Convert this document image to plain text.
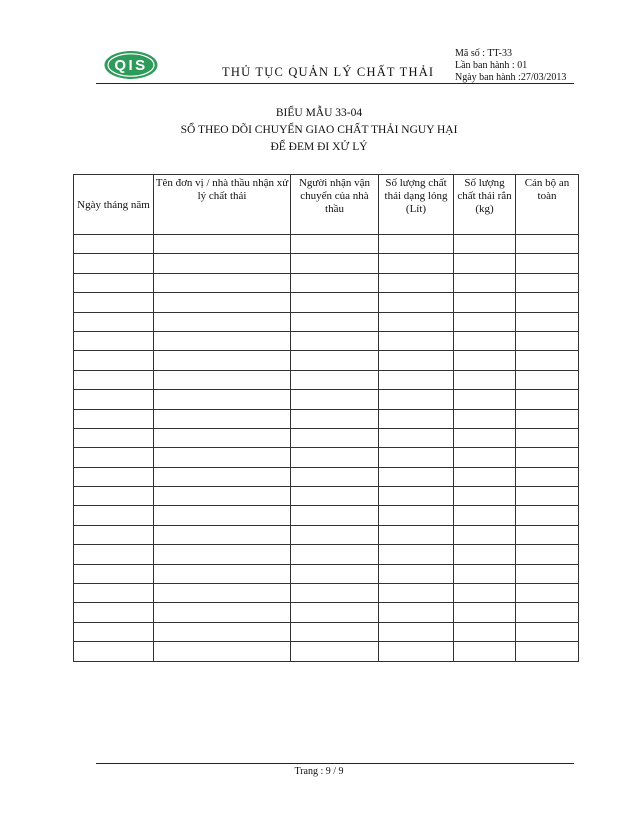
QIS	THỦ TỤC QUẢN LÝ CHẤT THẢI
Mã số : TT-33
Lần ban hành : 01
Ngày ban hành :27/03/2013
BIỂU MẪU 33-04
SỔ THEO DÕI CHUYỂN GIAO CHẤT THẢI NGUY HẠI
ĐỂ ĐEM ĐI XỬ LÝ
Ngày tháng năm	Tên đơn vị / nhà thầu nhận xử lý chất thải	Người nhận vận chuyển của nhà thầu	Số lượng chất thải dạng lỏng (Lít)	Số lượng chất thải rắn (kg)	Cán bộ an toàn

Trang : 9 / 9
